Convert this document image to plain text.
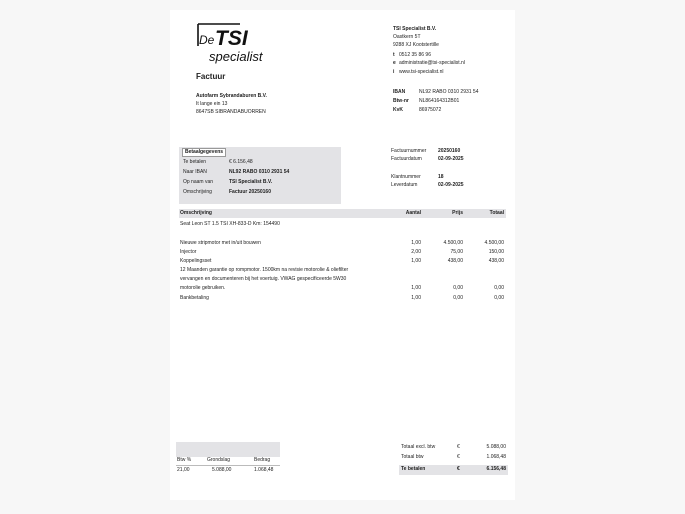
De TSI
specialist
TSI Specialist B.V.
Oastkern 5T
9288 XJ Kootstertille
t 0512 35 86 96
e administratie@tsi-specialist.nl
i www.tsi-specialist.nl
IBAN	NL92 RABO 0310 2931 54
Btw-nr NL864164312B01
KvK	86975072
Factuur
Autofarm Sybrandaburen B.V.
It lange ein 13
8647SB SIBRANDABUORREN
Betaalgegevens
Te betalen	€ 6.156,48
Naar IBAN	NL92 RABO 0310 2931 54
Op naam van	TSI Specialist B.V.
Omschrijving	Factuur 20250160
Factuurnummer 20250160
Factuurdatum	02-09-2025
Klantnummer	18
Leverdatum	02-09-2025
Omschrijving	Aantal	Prijs	Totaal
Seat Leon ST 1.5 TSI XH-833-D Km: 154490
Nieuwe stripmotor met in/uit bouwen	1,00	4.500,00	4.500,00
Injector	2,00	75,00	150,00
Koppelingsset	1,00	438,00	438,00
12 Maanden garantie op rompmotor. 1500km na revisie motorolie & oliefilter
vervangen en documenteren bij het voertuig. VWAG gespecificeerde 5W30
motorolie gebruiken.	1,00	0,00	0,00
Bankbetaling	1,00	0,00	0,00
Btw %	Grondslag	Bedrag
21,00	5.088,00	1.068,48
Totaal excl. btw	€	5.088,00
Totaal btw	€	1.068,48
Te betalen	€	6.156,48
